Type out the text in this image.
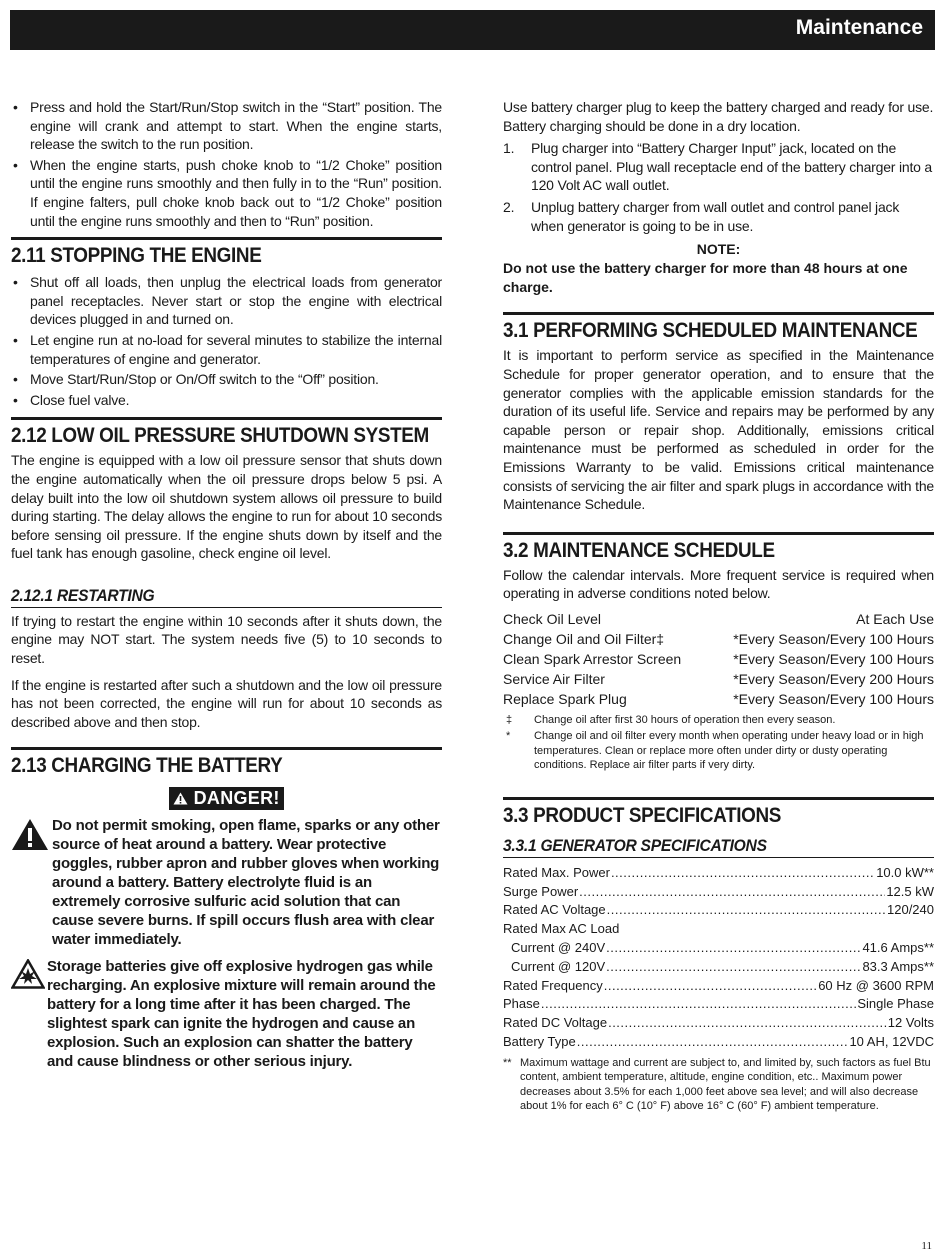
Maintenance
• Press and hold the Start/Run/Stop switch in the “Start” position. The engine will crank and attempt to start. When the engine starts, release the switch to the run position.
• When the engine starts, push choke knob to “1/2 Choke” position until the engine runs smoothly and then fully in to the “Run” position. If engine falters, pull choke knob back out to “1/2 Choke” position until the engine runs smoothly and then to “Run” position.
2.11 STOPPING THE ENGINE
• Shut off all loads, then unplug the electrical loads from generator panel receptacles. Never start or stop the engine with electrical devices plugged in and turned on.
• Let engine run at no-load for several minutes to stabilize the internal temperatures of engine and generator.
• Move Start/Run/Stop or On/Off switch to the “Off” position.
• Close fuel valve.
2.12 LOW OIL PRESSURE SHUTDOWN SYSTEM

The engine is equipped with a low oil pressure sensor that shuts down the engine automatically when the oil pressure drops below 5 psi. A delay built into the low oil shutdown system allows oil pressure to build during starting. The delay allows the engine to run for about 10 seconds before sensing oil pressure. If the engine shuts down by itself and the fuel tank has enough gasoline, check engine oil level.

2.12.1 RESTARTING

If trying to restart the engine within 10 seconds after it shuts down, the engine may NOT start. The system needs five (5) to 10 seconds to reset.

If the engine is restarted after such a shutdown and the low oil pressure has not been corrected, the engine will run for about 10 seconds as described above and then stop.

2.13 CHARGING THE BATTERY
DANGER!

Do not permit smoking, open flame, sparks or any other source of heat around a battery. Wear protective goggles, rubber apron and rubber gloves when working around a battery. Battery electrolyte fluid is an extremely corrosive sulfuric acid solution that can cause severe burns. If spill occurs flush area with clear water immediately.

Storage batteries give off explosive hydrogen gas while recharging. An explosive mixture will remain around the battery for a long time after it has been charged. The slightest spark can ignite the hydrogen and cause an explosion. Such an explosion can shatter the battery and cause blindness or other serious injury.

Use battery charger plug to keep the battery charged and ready for use. Battery charging should be done in a dry location.

1. Plug charger into “Battery Charger Input” jack, located on the control panel. Plug wall receptacle end of the battery charger into a 120 Volt AC wall outlet.
2. Unplug battery charger from wall outlet and control panel jack when generator is going to be in use.
NOTE:
Do not use the battery charger for more than 48 hours at one charge.
3.1 PERFORMING SCHEDULED MAINTENANCE

It is important to perform service as specified in the Maintenance Schedule for proper generator operation, and to ensure that the generator complies with the applicable emission standards for the duration of its useful life. Service and repairs may be performed by any capable person or repair shop. Additionally, emissions critical maintenance must be performed as scheduled in order for the Emissions Warranty to be valid. Emissions critical maintenance consists of servicing the air filter and spark plugs in accordance with the Maintenance Schedule.

3.2 MAINTENANCE SCHEDULE

Follow the calendar intervals. More frequent service is required when operating in adverse conditions noted below.

Check Oil Level	At Each Use
Change Oil and Oil Filter‡	*Every Season/Every 100 Hours
Clean Spark Arrestor Screen	*Every Season/Every 100 Hours
Service Air Filter	*Every Season/Every 200 Hours
Replace Spark Plug	*Every Season/Every 100 Hours
‡ Change oil after first 30 hours of operation then every season.
* Change oil and oil filter every month when operating under heavy load or in high temperatures. Clean or replace more often under dirty or dusty operating conditions. Replace air filter parts if very dirty.
3.3 PRODUCT SPECIFICATIONS
3.3.1 GENERATOR SPECIFICATIONS
Rated Max. Power .....	10.0 kW**
Surge Power .....	12.5 kW
Rated AC Voltage .....	120/240
Rated Max AC Load
Current @ 240V .....	41.6 Amps**
Current @ 120V .....	83.3 Amps**
Rated Frequency .....	60 Hz @ 3600 RPM
Phase .....	Single Phase
Rated DC Voltage .....	12 Volts
Battery Type .....	10 AH, 12VDC
** Maximum wattage and current are subject to, and limited by, such factors as fuel Btu content, ambient temperature, altitude, engine condition, etc.. Maximum power decreases about 3.5% for each 1,000 feet above sea level; and will also decrease about 1% for each 6° C (10° F) above 16° C (60° F) ambient temperature.
11
